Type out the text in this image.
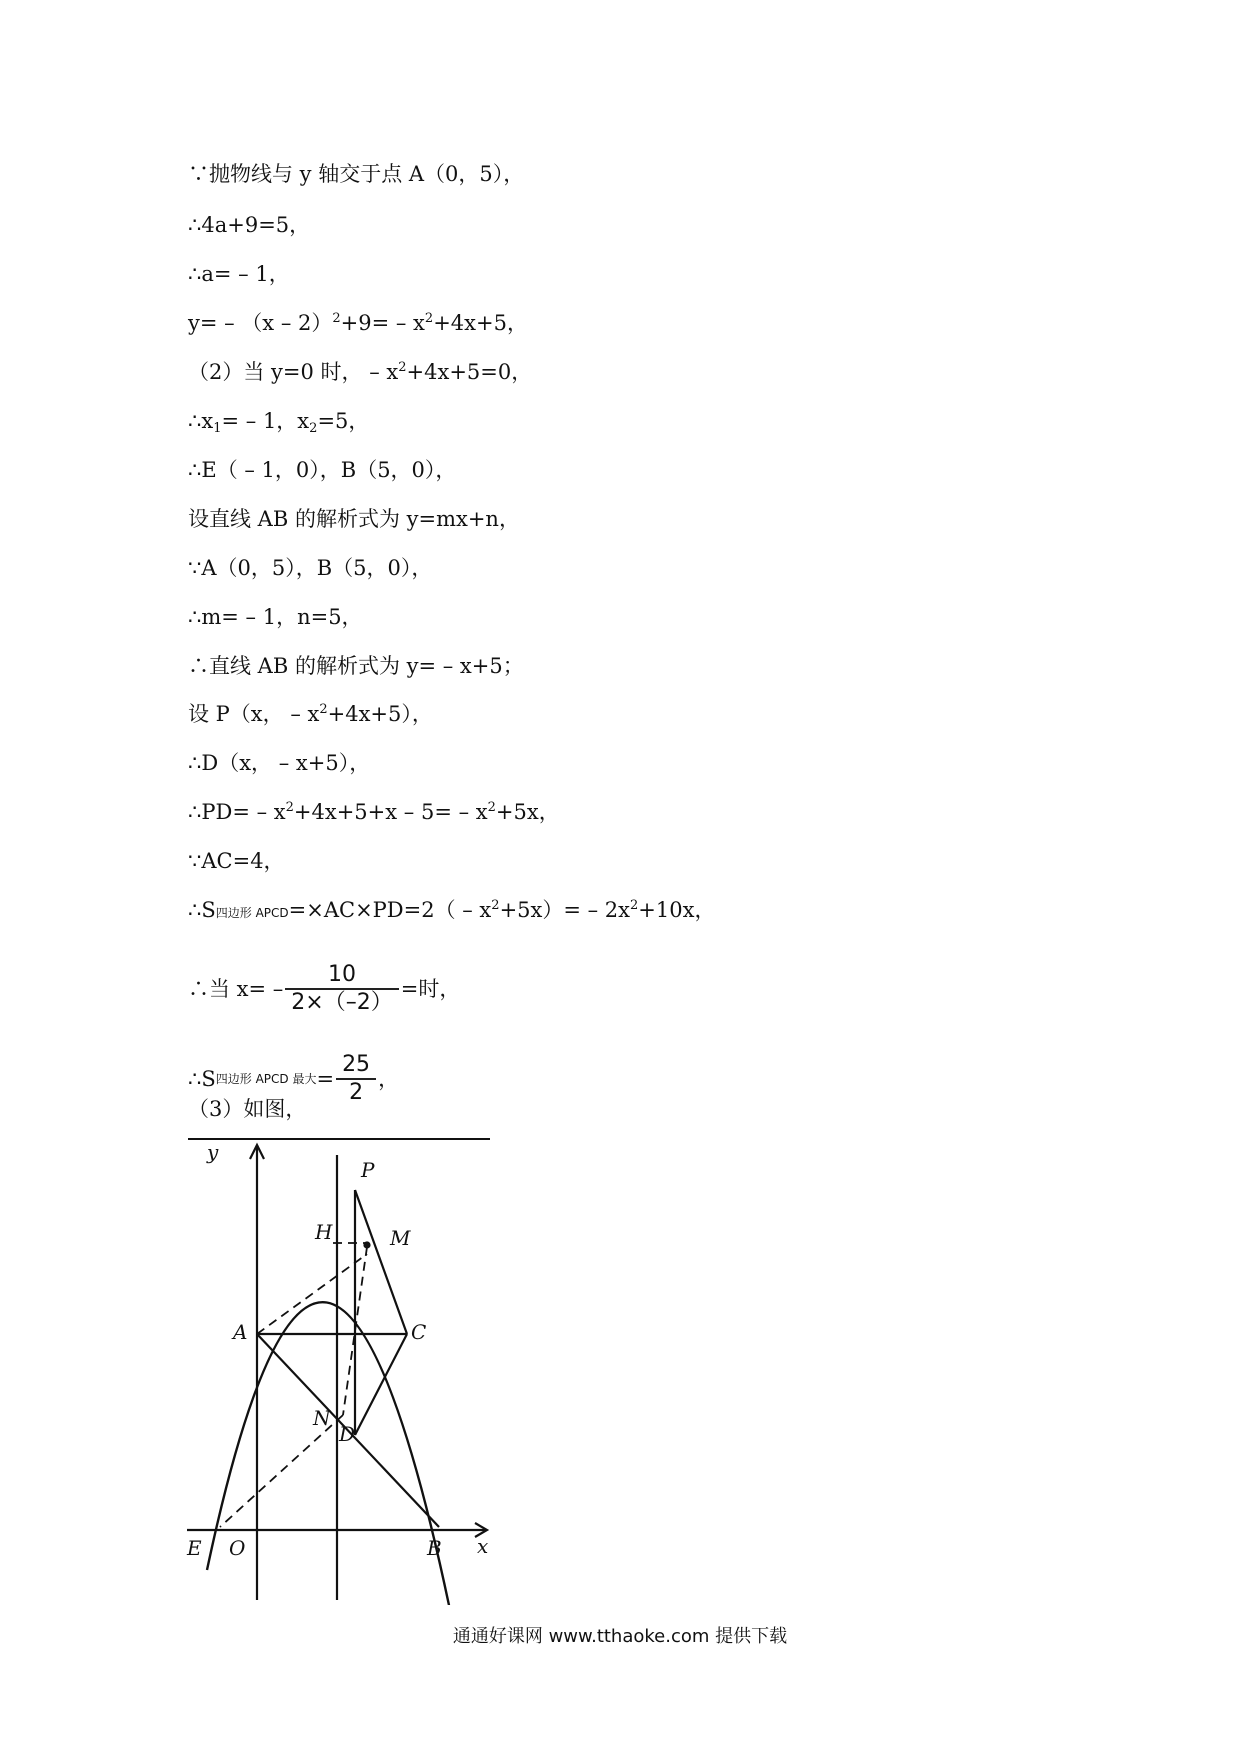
∵抛物线与 y 轴交于点 A（0，5），
∴4a+9=5，
∴a= – 1，
$y= - (x - 2)^2+9= - x^2+4x+5$，
（2）当 y=0 时， – $x^2+4x+5=0$，
$\therefore x_1= - 1$，$x_2=5$，
∴E（ – 1，0），B（5，0），
设直线 AB 的解析式为 y=mx+n，
∵A（0，5），B（5，0），
∴m= – 1，n=5，
∴直线 AB 的解析式为 y= – x+5；
设 P（x， – $x^2+4x+5$），
∴D（x， – x+5），
∴PD= – $x^2+4x+5+x - 5= - x^2+5x$，
∵AC=4，
∴S四边形 APCD=×AC×PD=2（ – $x^2+5x)= - 2x^2+10x$，
∴当 $x= - \frac{10}{2\times(-2)}$ =时，
∴S四边形 APCD 最大= $\frac{25}{2}$ ，
（3）如图，
y
P
M
H
A	C
N
D
E O	B x
通通好课网 www.tthaoke.com 提供下载
